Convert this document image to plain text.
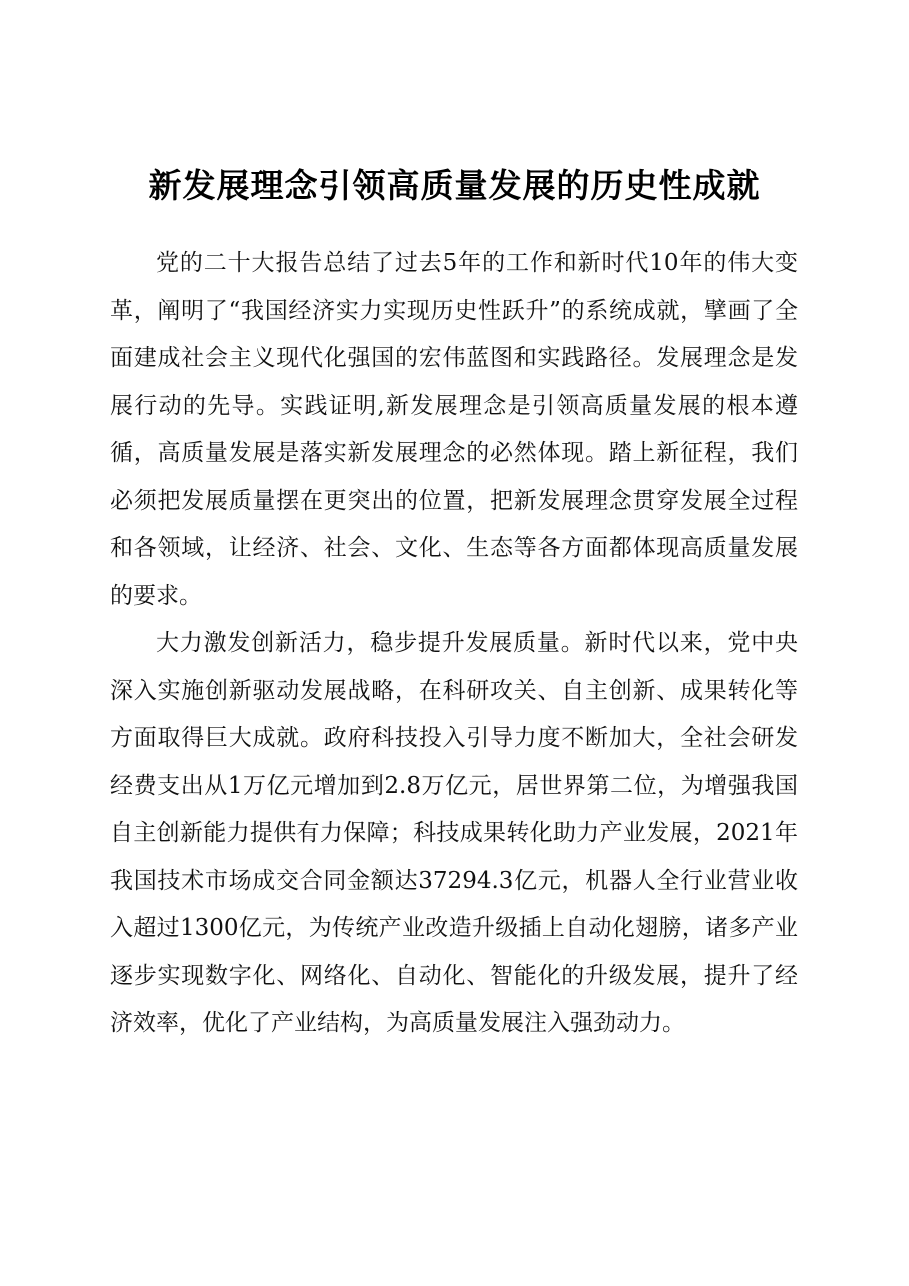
新发展理念引领高质量发展的历史性成就

党的二十大报告总结了过去5年的工作和新时代10年的伟大变革，阐明了“我国经济实力实现历史性跃升”的系统成就，擘画了全面建成社会主义现代化强国的宏伟蓝图和实践路径。发展理念是发展行动的先导。实践证明,新发展理念是引领高质量发展的根本遵循，高质量发展是落实新发展理念的必然体现。踏上新征程，我们必须把发展质量摆在更突出的位置，把新发展理念贯穿发展全过程和各领域，让经济、社会、文化、生态等各方面都体现高质量发展的要求。

大力激发创新活力，稳步提升发展质量。新时代以来，党中央深入实施创新驱动发展战略，在科研攻关、自主创新、成果转化等方面取得巨大成就。政府科技投入引导力度不断加大，全社会研发经费支出从1万亿元增加到2.8万亿元，居世界第二位，为增强我国自主创新能力提供有力保障；科技成果转化助力产业发展，2021年我国技术市场成交合同金额达37294.3亿元，机器人全行业营业收入超过1300亿元，为传统产业改造升级插上自动化翅膀，诸多产业逐步实现数字化、网络化、自动化、智能化的升级发展，提升了经济效率，优化了产业结构，为高质量发展注入强劲动力。
